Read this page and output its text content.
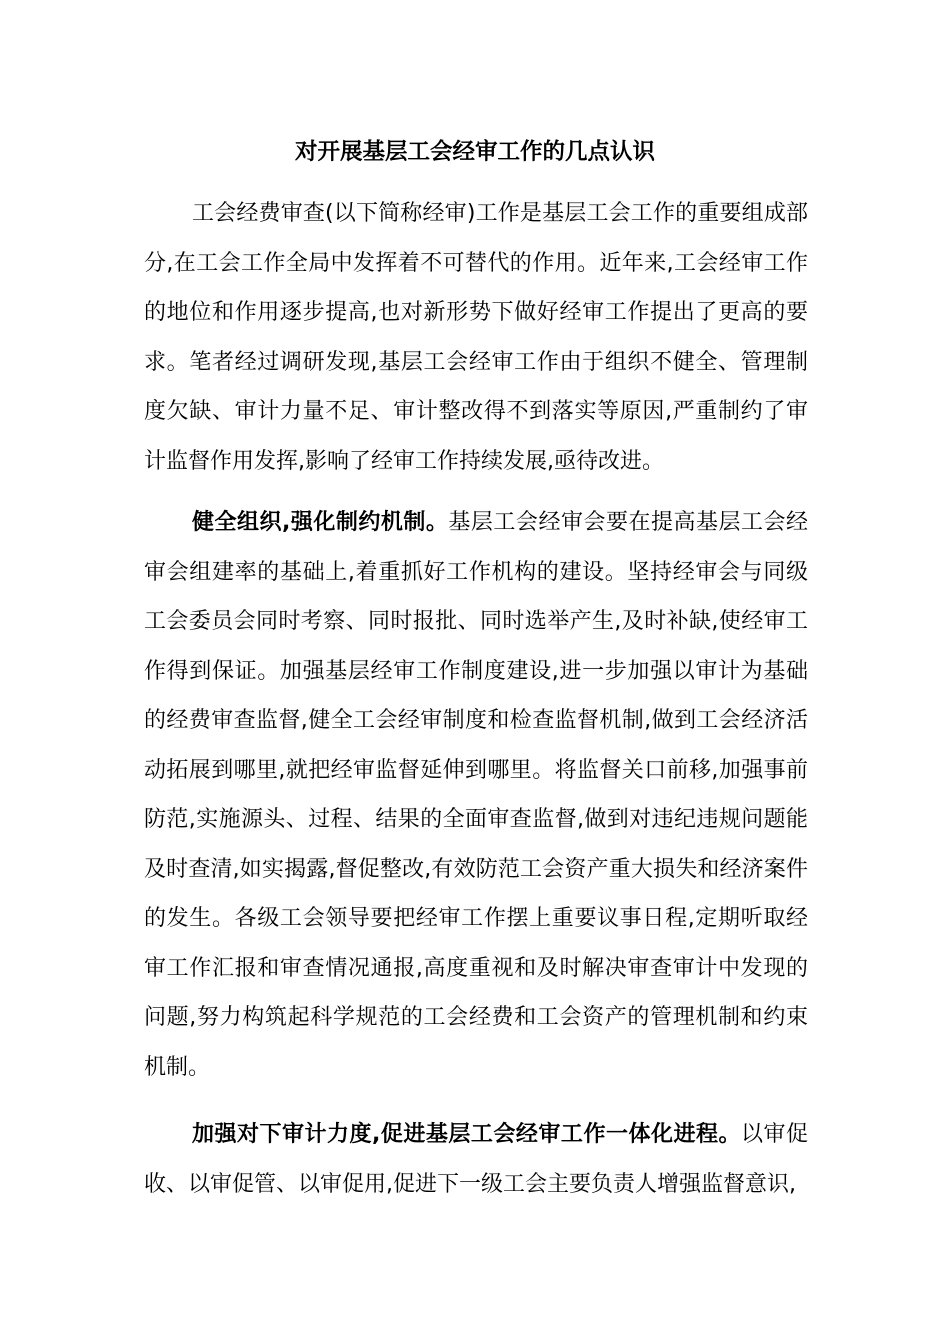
对开展基层工会经审工作的几点认识

工会经费审查(以下简称经审)工作是基层工会工作的重要组成部分,在工会工作全局中发挥着不可替代的作用。近年来,工会经审工作的地位和作用逐步提高,也对新形势下做好经审工作提出了更高的要求。笔者经过调研发现,基层工会经审工作由于组织不健全、管理制度欠缺、审计力量不足、审计整改得不到落实等原因,严重制约了审计监督作用发挥,影响了经审工作持续发展,亟待改进。

健全组织,强化制约机制。基层工会经审会要在提高基层工会经审会组建率的基础上,着重抓好工作机构的建设。坚持经审会与同级工会委员会同时考察、同时报批、同时选举产生,及时补缺,使经审工作得到保证。加强基层经审工作制度建设,进一步加强以审计为基础的经费审查监督,健全工会经审制度和检查监督机制,做到工会经济活动拓展到哪里,就把经审监督延伸到哪里。将监督关口前移,加强事前防范,实施源头、过程、结果的全面审查监督,做到对违纪违规问题能及时查清,如实揭露,督促整改,有效防范工会资产重大损失和经济案件的发生。各级工会领导要把经审工作摆上重要议事日程,定期听取经审工作汇报和审查情况通报,高度重视和及时解决审查审计中发现的问题,努力构筑起科学规范的工会经费和工会资产的管理机制和约束机制。

加强对下审计力度,促进基层工会经审工作一体化进程。以审促收、以审促管、以审促用,促进下一级工会主要负责人增强监督意识,
